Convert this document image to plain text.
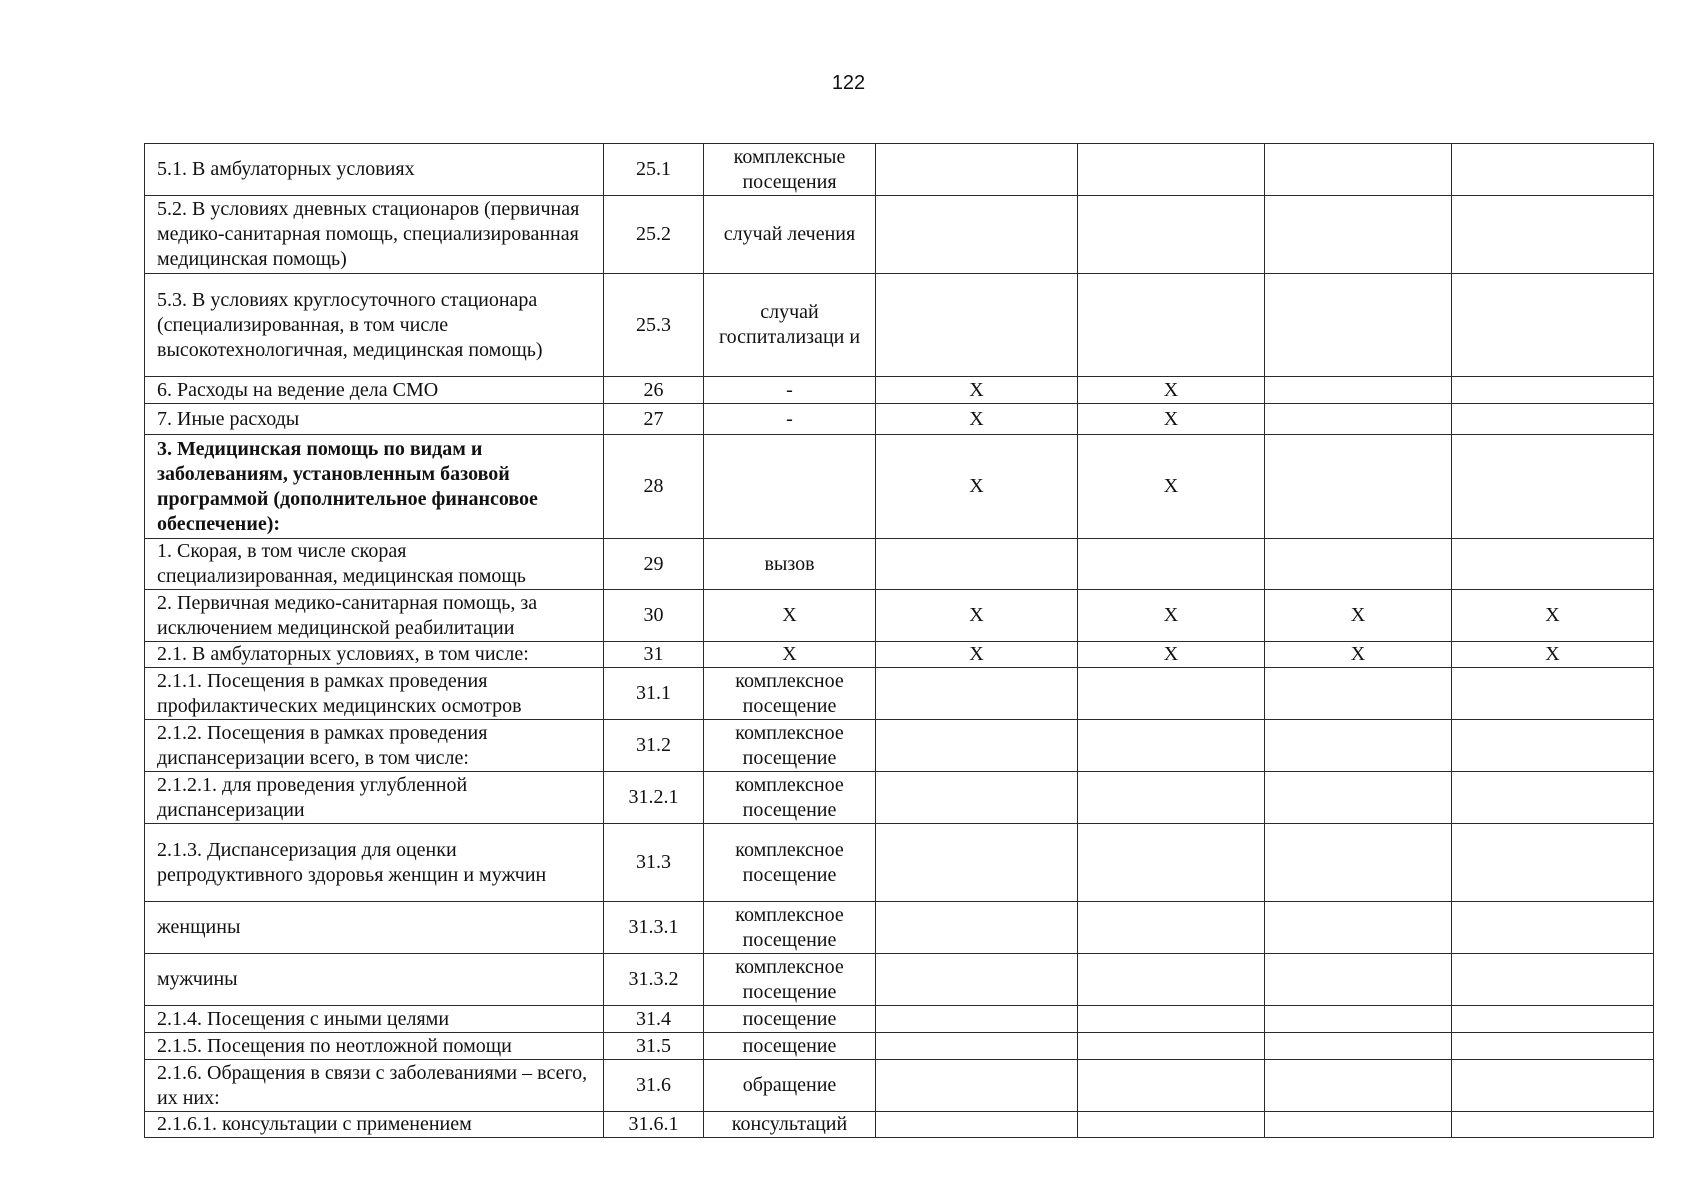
122
5.1. В амбулаторных условиях	25.1	комплексные посещения				
5.2. В условиях дневных стационаров (первичная медико-санитарная помощь, специализированная медицинская помощь)	25.2	случай лечения				
5.3. В условиях круглосуточного стационара (специализированная, в том числе высокотехнологичная, медицинская помощь)	25.3	случай госпитализаци и				
6. Расходы на ведение дела СМО	26	-	X	X		
7. Иные расходы	27	-	X	X		
3. Медицинская помощь по видам и заболеваниям, установленным базовой программой (дополнительное финансовое обеспечение):	28		X	X		
1. Скорая, в том числе скорая специализированная, медицинская помощь	29	вызов				
2. Первичная медико-санитарная помощь, за исключением медицинской реабилитации	30	X	X	X	X	X
2.1. В амбулаторных условиях, в том числе:	31	X	X	X	X	X
2.1.1. Посещения в рамках проведения профилактических медицинских осмотров	31.1	комплексное посещение				
2.1.2. Посещения в рамках проведения диспансеризации всего, в том числе:	31.2	комплексное посещение				
2.1.2.1. для проведения углубленной диспансеризации	31.2.1	комплексное посещение				
2.1.3. Диспансеризация для оценки репродуктивного здоровья женщин и мужчин	31.3	комплексное посещение				
женщины	31.3.1	комплексное посещение				
мужчины	31.3.2	комплексное посещение				
2.1.4. Посещения с иными целями	31.4	посещение				
2.1.5. Посещения по неотложной помощи	31.5	посещение				
2.1.6. Обращения в связи с заболеваниями – всего, их них:	31.6	обращение				
2.1.6.1. консультации с применением	31.6.1	консультаций				
